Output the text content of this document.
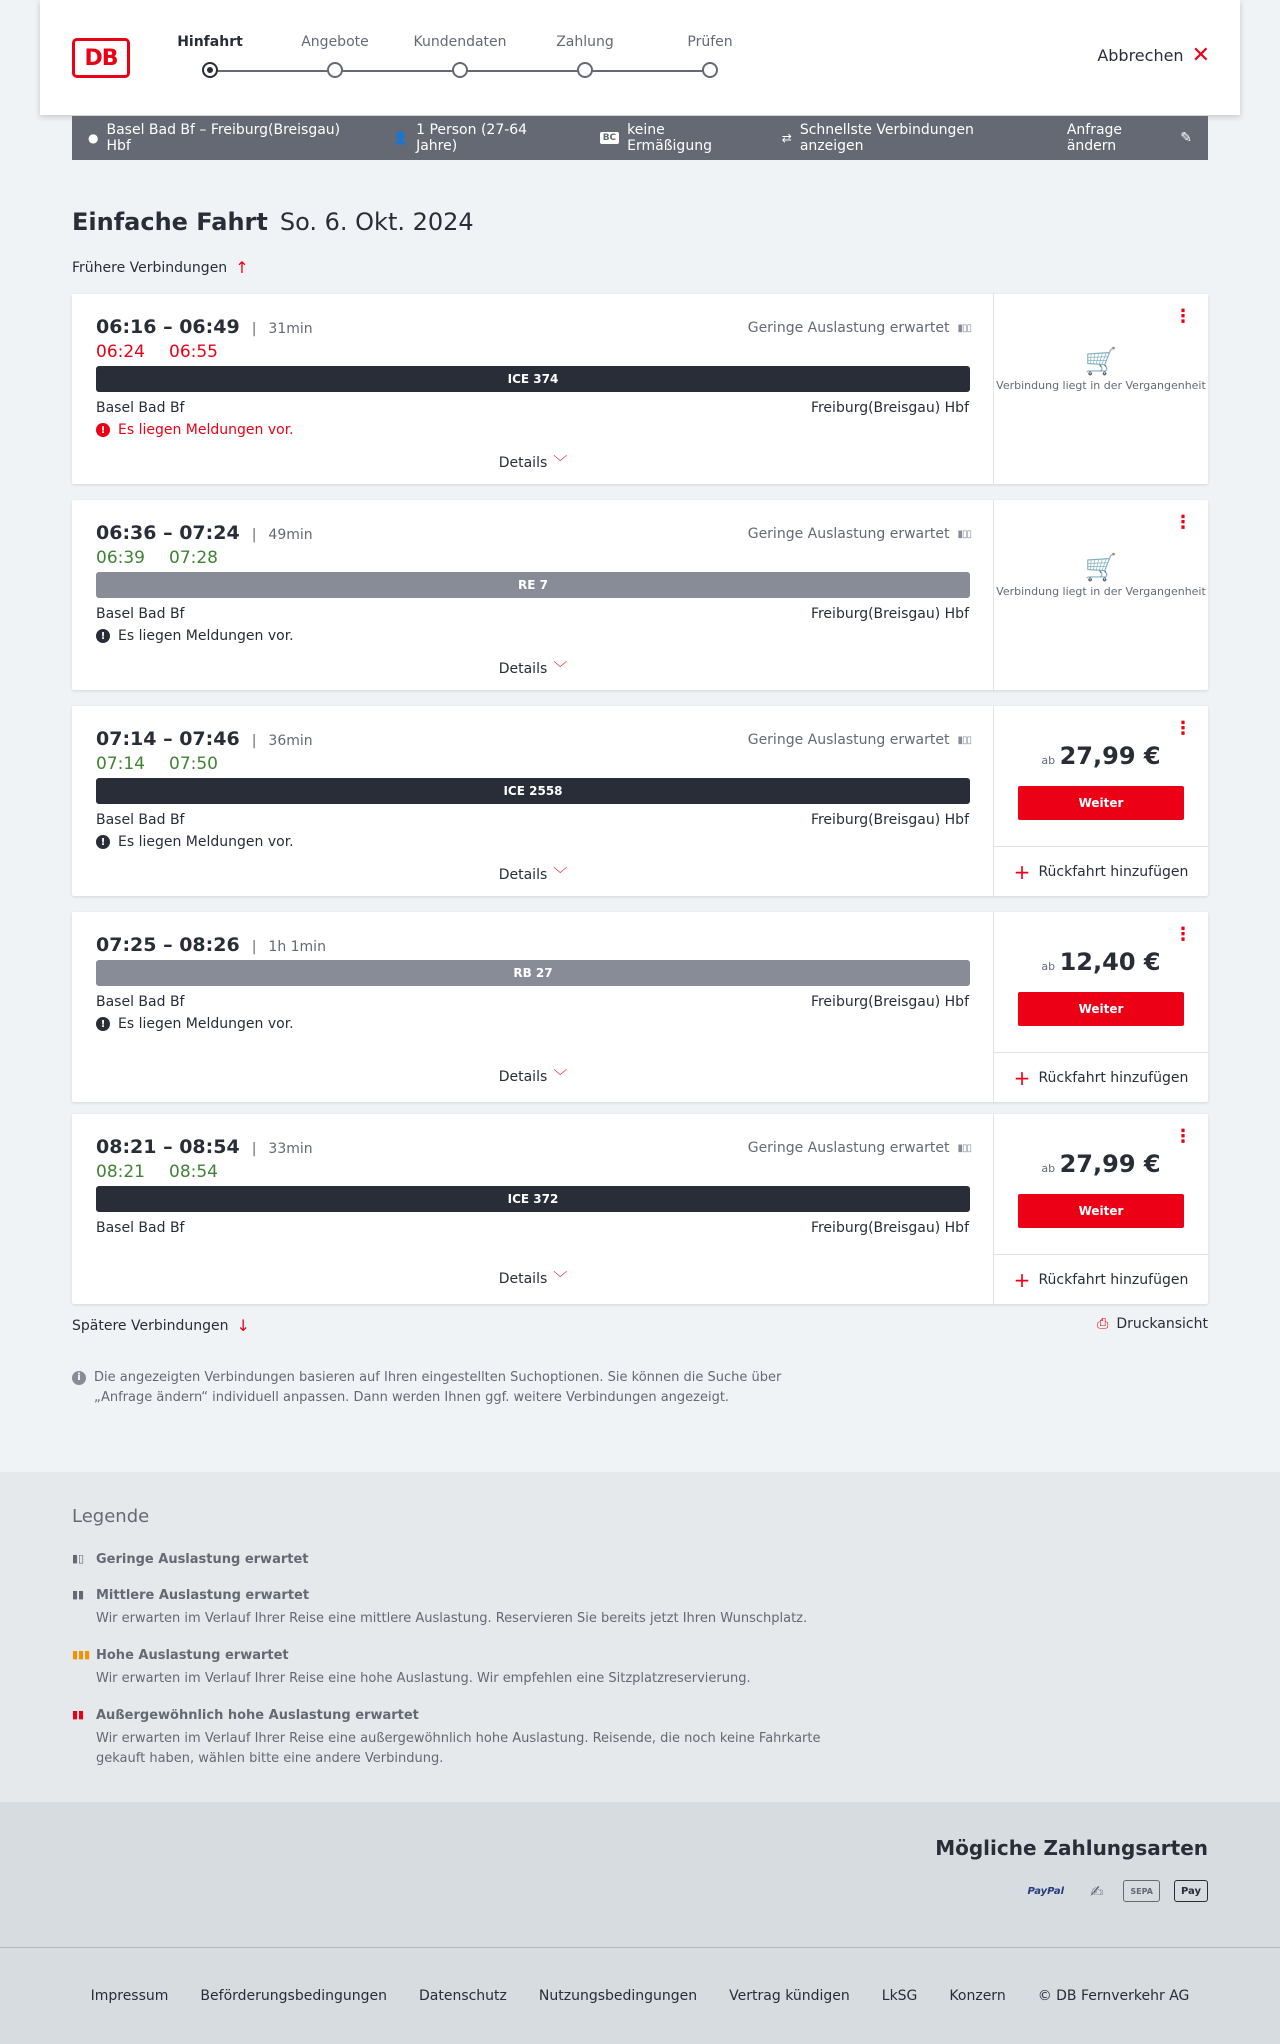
DB
Hinfahrt	Angebote	Kundendaten	Zahlung	Prüfen
Abbrechen ✕
● Basel Bad Bf – Freiburg(Breisgau) Hbf	👤 1 Person (27-64 Jahre)	BC keine Ermäßigung	⇄ Schnellste Verbindungen anzeigen
Anfrage ändern	✎
Einfache Fahrt So. 6. Okt. 2024
Frühere Verbindungen ↑
06:16 – 06:49 | 31min
06:24 06:55
Geringe Auslastung erwartet ▮▯▯
ICE 374
Basel Bad Bf	Freiburg(Breisgau) Hbf
! Es liegen Meldungen vor.
Details ﹀
⋮
🛒
Verbindung liegt in der Vergangenheit
06:36 – 07:24 | 49min
06:39 07:28
Geringe Auslastung erwartet ▮▯▯
RE 7
Basel Bad Bf	Freiburg(Breisgau) Hbf
! Es liegen Meldungen vor.
Details ﹀
⋮
🛒
Verbindung liegt in der Vergangenheit
07:14 – 07:46 | 36min
07:14 07:50
Geringe Auslastung erwartet ▮▯▯
ICE 2558
Basel Bad Bf	Freiburg(Breisgau) Hbf
! Es liegen Meldungen vor.
Details ﹀
⋮
ab 27,99 €
Weiter
+ Rückfahrt hinzufügen
07:25 – 08:26 | 1h 1min
RB 27
Basel Bad Bf	Freiburg(Breisgau) Hbf
! Es liegen Meldungen vor.
Details ﹀
⋮
ab 12,40 €
Weiter
+ Rückfahrt hinzufügen
08:21 – 08:54 | 33min
08:21 08:54
Geringe Auslastung erwartet ▮▯▯
ICE 372
Basel Bad Bf	Freiburg(Breisgau) Hbf
Details ﹀
⋮
ab 27,99 €
Weiter
+ Rückfahrt hinzufügen
Spätere Verbindungen ↓	⎙ Druckansicht
i	Die angezeigten Verbindungen basieren auf Ihren eingestellten Suchoptionen. Sie können die Suche über „Anfrage ändern“ individuell anpassen. Dann werden Ihnen ggf. weitere Verbindungen angezeigt.
Legende
▮▯ Geringe Auslastung erwartet
▮▮ Mittlere Auslastung erwartet
Wir erwarten im Verlauf Ihrer Reise eine mittlere Auslastung. Reservieren Sie bereits jetzt Ihren Wunschplatz.
▮▮▮ Hohe Auslastung erwartet
Wir erwarten im Verlauf Ihrer Reise eine hohe Auslastung. Wir empfehlen eine Sitzplatzreservierung.
▮▮ Außergewöhnlich hohe Auslastung erwartet
Wir erwarten im Verlauf Ihrer Reise eine außergewöhnlich hohe Auslastung. Reisende, die noch keine Fahrkarte gekauft haben, wählen bitte eine andere Verbindung.
Mögliche Zahlungsarten
PayPal	✍	SEPA	Pay
Impressum Beförderungsbedingungen Datenschutz Nutzungsbedingungen Vertrag kündigen LkSG Konzern © DB Fernverkehr AG
